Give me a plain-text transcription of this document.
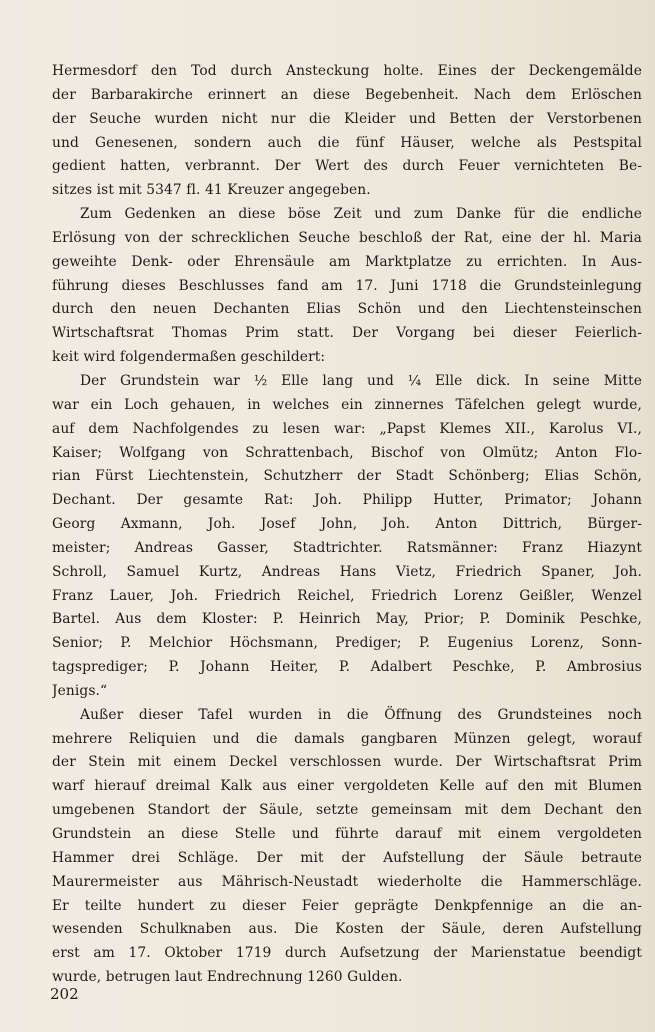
Hermesdorf den Tod durch Ansteckung holte. Eines der Deckengemälde
der Barbarakirche erinnert an diese Begebenheit. Nach dem Erlöschen
der Seuche wurden nicht nur die Kleider und Betten der Verstorbenen
und Genesenen, sondern auch die fünf Häuser, welche als Pestspital
gedient hatten, verbrannt. Der Wert des durch Feuer vernichteten Be-
sitzes ist mit 5347 fl. 41 Kreuzer angegeben.
Zum Gedenken an diese böse Zeit und zum Danke für die endliche
Erlösung von der schrecklichen Seuche beschloß der Rat, eine der hl. Maria
geweihte Denk- oder Ehrensäule am Marktplatze zu errichten. In Aus-
führung dieses Beschlusses fand am 17. Juni 1718 die Grundsteinlegung
durch den neuen Dechanten Elias Schön und den Liechtensteinschen
Wirtschaftsrat Thomas Prim statt. Der Vorgang bei dieser Feierlich-
keit wird folgendermaßen geschildert:
Der Grundstein war ½ Elle lang und ¼ Elle dick. In seine Mitte
war ein Loch gehauen, in welches ein zinnernes Täfelchen gelegt wurde,
auf dem Nachfolgendes zu lesen war: „Papst Klemes XII., Karolus VI.,
Kaiser; Wolfgang von Schrattenbach, Bischof von Olmütz; Anton Flo-
rian Fürst Liechtenstein, Schutzherr der Stadt Schönberg; Elias Schön,
Dechant. Der gesamte Rat: Joh. Philipp Hutter, Primator; Johann
Georg Axmann, Joh. Josef John, Joh. Anton Dittrich, Bürger-
meister; Andreas Gasser, Stadtrichter. Ratsmänner: Franz Hiazynt
Schroll, Samuel Kurtz, Andreas Hans Vietz, Friedrich Spaner, Joh.
Franz Lauer, Joh. Friedrich Reichel, Friedrich Lorenz Geißler, Wenzel
Bartel. Aus dem Kloster: P. Heinrich May, Prior; P. Dominik Peschke,
Senior; P. Melchior Höchsmann, Prediger; P. Eugenius Lorenz, Sonn-
tagsprediger; P. Johann Heiter, P. Adalbert Peschke, P. Ambrosius
Jenigs.“
Außer dieser Tafel wurden in die Öffnung des Grundsteines noch
mehrere Reliquien und die damals gangbaren Münzen gelegt, worauf
der Stein mit einem Deckel verschlossen wurde. Der Wirtschaftsrat Prim
warf hierauf dreimal Kalk aus einer vergoldeten Kelle auf den mit Blumen
umgebenen Standort der Säule, setzte gemeinsam mit dem Dechant den
Grundstein an diese Stelle und führte darauf mit einem vergoldeten
Hammer drei Schläge. Der mit der Aufstellung der Säule betraute
Maurermeister aus Mährisch-Neustadt wiederholte die Hammerschläge.
Er teilte hundert zu dieser Feier geprägte Denkpfennige an die an-
wesenden Schulknaben aus. Die Kosten der Säule, deren Aufstellung
erst am 17. Oktober 1719 durch Aufsetzung der Marienstatue beendigt
wurde, betrugen laut Endrechnung 1260 Gulden.
202
